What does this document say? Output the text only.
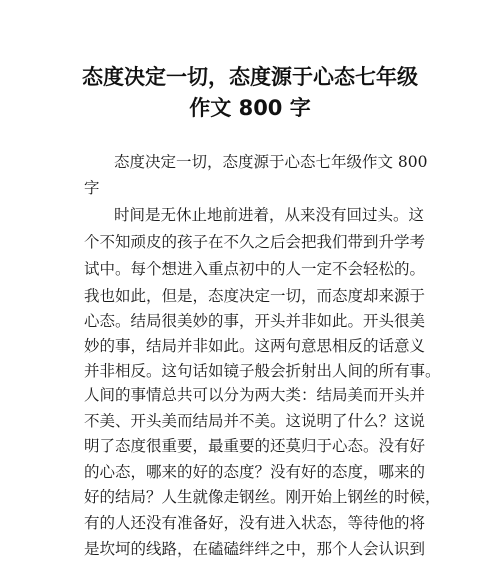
态度决定一切，态度源于心态七年级
作文 800 字
态度决定一切，态度源于心态七年级作文 800
字
时间是无休止地前进着，从来没有回过头。这
个不知顽皮的孩子在不久之后会把我们带到升学考
试中。每个想进入重点初中的人一定不会轻松的。
我也如此，但是，态度决定一切，而态度却来源于
心态。结局很美妙的事，开头并非如此。开头很美
妙的事，结局并非如此。这两句意思相反的话意义
并非相反。这句话如镜子般会折射出人间的所有事。
人间的事情总共可以分为两大类：结局美而开头并
不美、开头美而结局并不美。这说明了什么？这说
明了态度很重要，最重要的还莫归于心态。没有好
的心态，哪来的好的态度？没有好的态度，哪来的
好的结局？人生就像走钢丝。刚开始上钢丝的时候，
有的人还没有准备好，没有进入状态，等待他的将
是坎坷的线路，在磕磕绊绊之中，那个人会认识到
